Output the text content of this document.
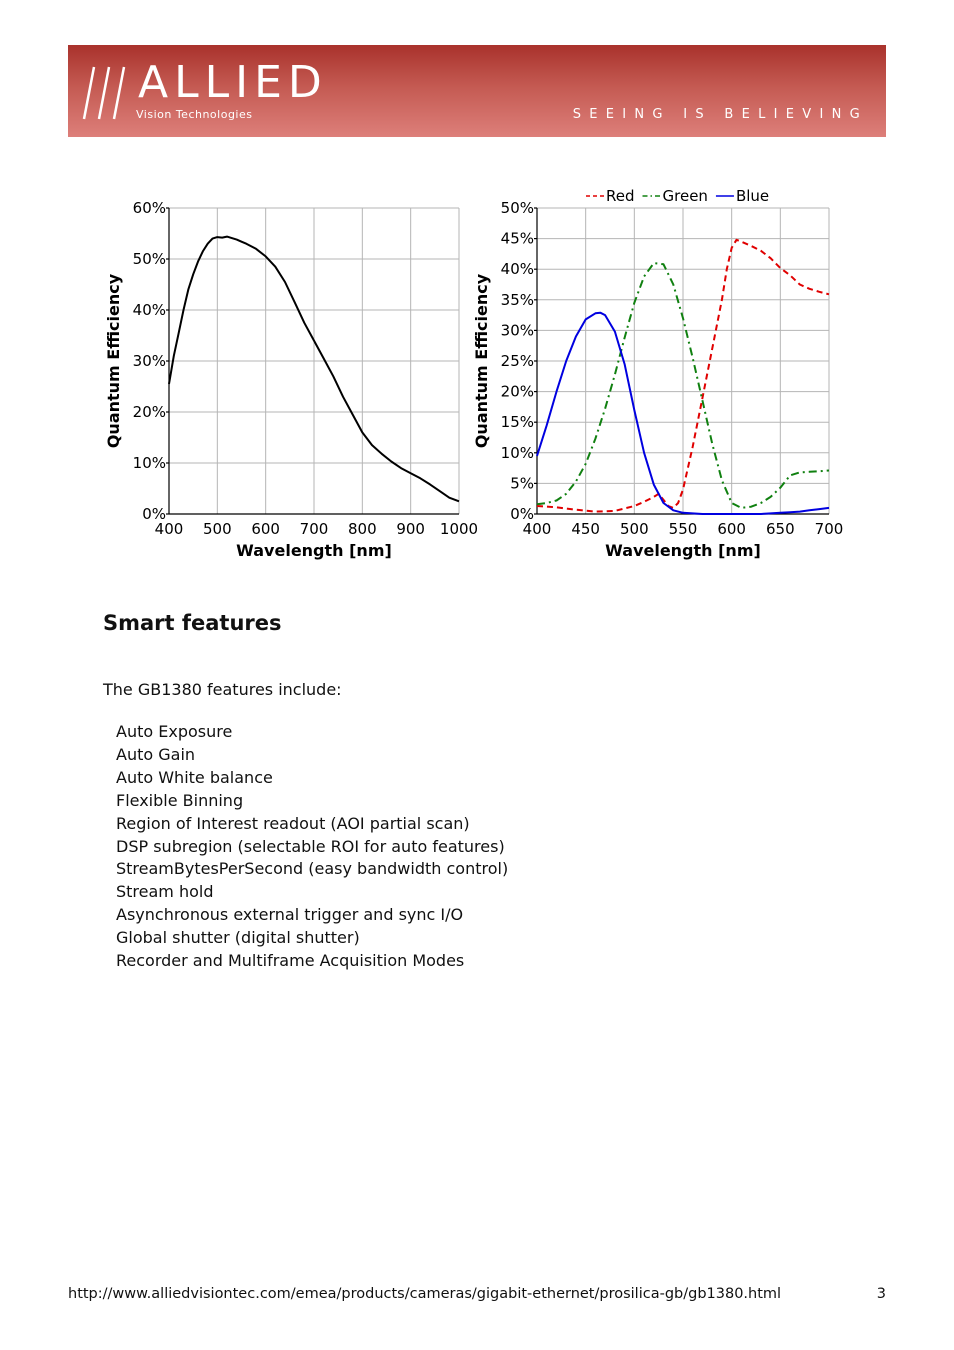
ALLIED
Vision Technologies	SEEING IS BELIEVING
400 500 600 700 800 900 1000
0%
10%
20%
30%
40%
50%
60%
Wavelength [nm]
Quantum Efficiency
400 450 500 550 600 650 700
0%
5%
10%
15%
20%
25%
30%
35%
40%
45%
50%
Wavelength [nm]
Quantum Efficiency
Red Green Blue
Smart features

The GB1380 features include:

Auto Exposure
Auto Gain
Auto White balance
Flexible Binning
Region of Interest readout (AOI partial scan)
DSP subregion (selectable ROI for auto features)
StreamBytesPerSecond (easy bandwidth control)
Stream hold
Asynchronous external trigger and sync I/O
Global shutter (digital shutter)
Recorder and Multiframe Acquisition Modes
http://www.alliedvisiontec.com/emea/products/cameras/gigabit-ethernet/prosilica-gb/gb1380.html	3
